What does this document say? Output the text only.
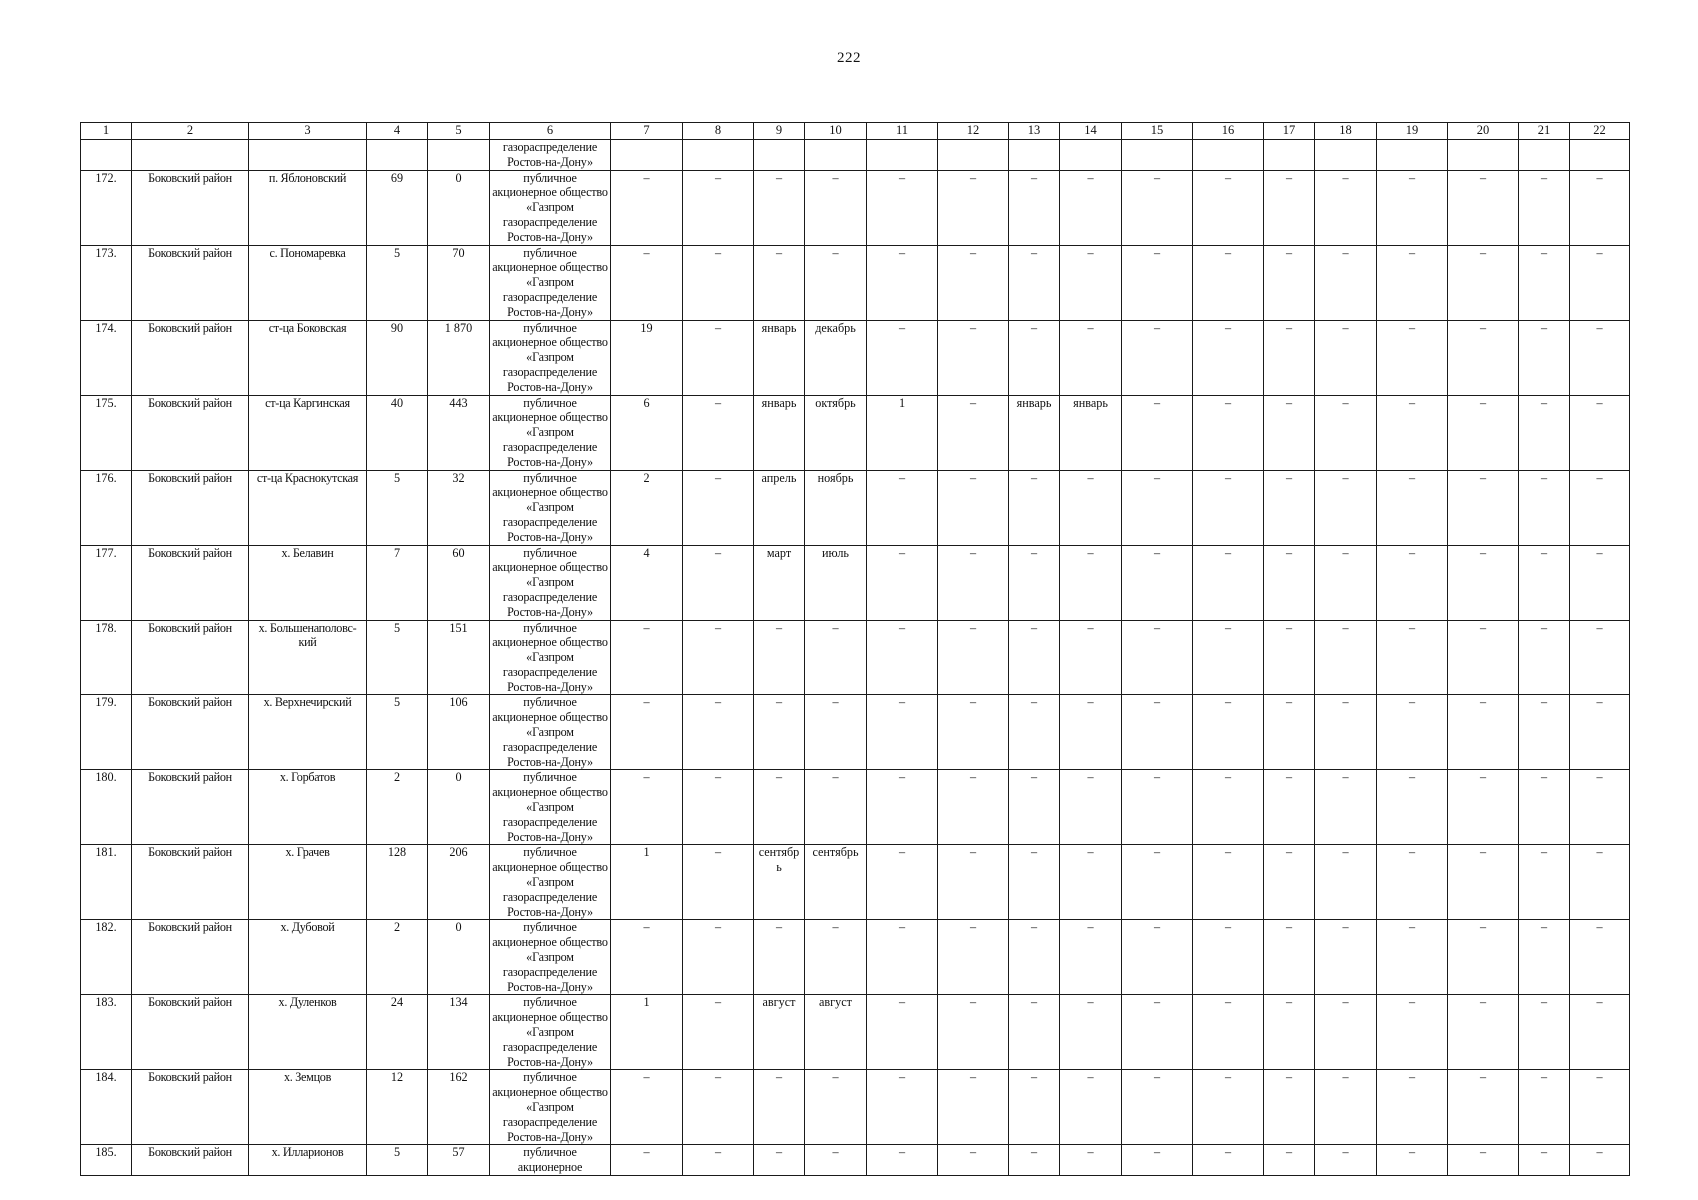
222
1	2	3	4	5	6	7	8	9	10	11	12	13	14	15	16	17	18	19	20	21	22
					газораспределение Ростов-на-Дону»																
172.	Боковский район	п. Яблоновский	69	0	публичное акционерное общество «Газпром газораспределение Ростов-на-Дону»	–	–	–	–	–	–	–	–	–	–	–	–	–	–	–	–
173.	Боковский район	с. Пономаревка	5	70	публичное акционерное общество «Газпром газораспределение Ростов-на-Дону»	–	–	–	–	–	–	–	–	–	–	–	–	–	–	–	–
174.	Боковский район	ст-ца Боковская	90	1 870	публичное акционерное общество «Газпром газораспределение Ростов-на-Дону»	19	–	январь	декабрь	–	–	–	–	–	–	–	–	–	–	–	–
175.	Боковский район	ст-ца Каргинская	40	443	публичное акционерное общество «Газпром газораспределение Ростов-на-Дону»	6	–	январь	октябрь	1	–	январь	январь	–	–	–	–	–	–	–	–
176.	Боковский район	ст-ца Краснокутская	5	32	публичное акционерное общество «Газпром газораспределение Ростов-на-Дону»	2	–	апрель	ноябрь	–	–	–	–	–	–	–	–	–	–	–	–
177.	Боковский район	х. Белавин	7	60	публичное акционерное общество «Газпром газораспределение Ростов-на-Дону»	4	–	март	июль	–	–	–	–	–	–	–	–	–	–	–	–
178.	Боковский район	х. Большенаполовс-кий	5	151	публичное акционерное общество «Газпром газораспределение Ростов-на-Дону»	–	–	–	–	–	–	–	–	–	–	–	–	–	–	–	–
179.	Боковский район	х. Верхнечирский	5	106	публичное акционерное общество «Газпром газораспределение Ростов-на-Дону»	–	–	–	–	–	–	–	–	–	–	–	–	–	–	–	–
180.	Боковский район	х. Горбатов	2	0	публичное акционерное общество «Газпром газораспределение Ростов-на-Дону»	–	–	–	–	–	–	–	–	–	–	–	–	–	–	–	–
181.	Боковский район	х. Грачев	128	206	публичное акционерное общество «Газпром газораспределение Ростов-на-Дону»	1	–	сентябрь	сентябрь	–	–	–	–	–	–	–	–	–	–	–	–
182.	Боковский район	х. Дубовой	2	0	публичное акционерное общество «Газпром газораспределение Ростов-на-Дону»	–	–	–	–	–	–	–	–	–	–	–	–	–	–	–	–
183.	Боковский район	х. Дуленков	24	134	публичное акционерное общество «Газпром газораспределение Ростов-на-Дону»	1	–	август	август	–	–	–	–	–	–	–	–	–	–	–	–
184.	Боковский район	х. Земцов	12	162	публичное акционерное общество «Газпром газораспределение Ростов-на-Дону»	–	–	–	–	–	–	–	–	–	–	–	–	–	–	–	–
185.	Боковский район	х. Илларионов	5	57	публичное акционерное	–	–	–	–	–	–	–	–	–	–	–	–	–	–	–	–
